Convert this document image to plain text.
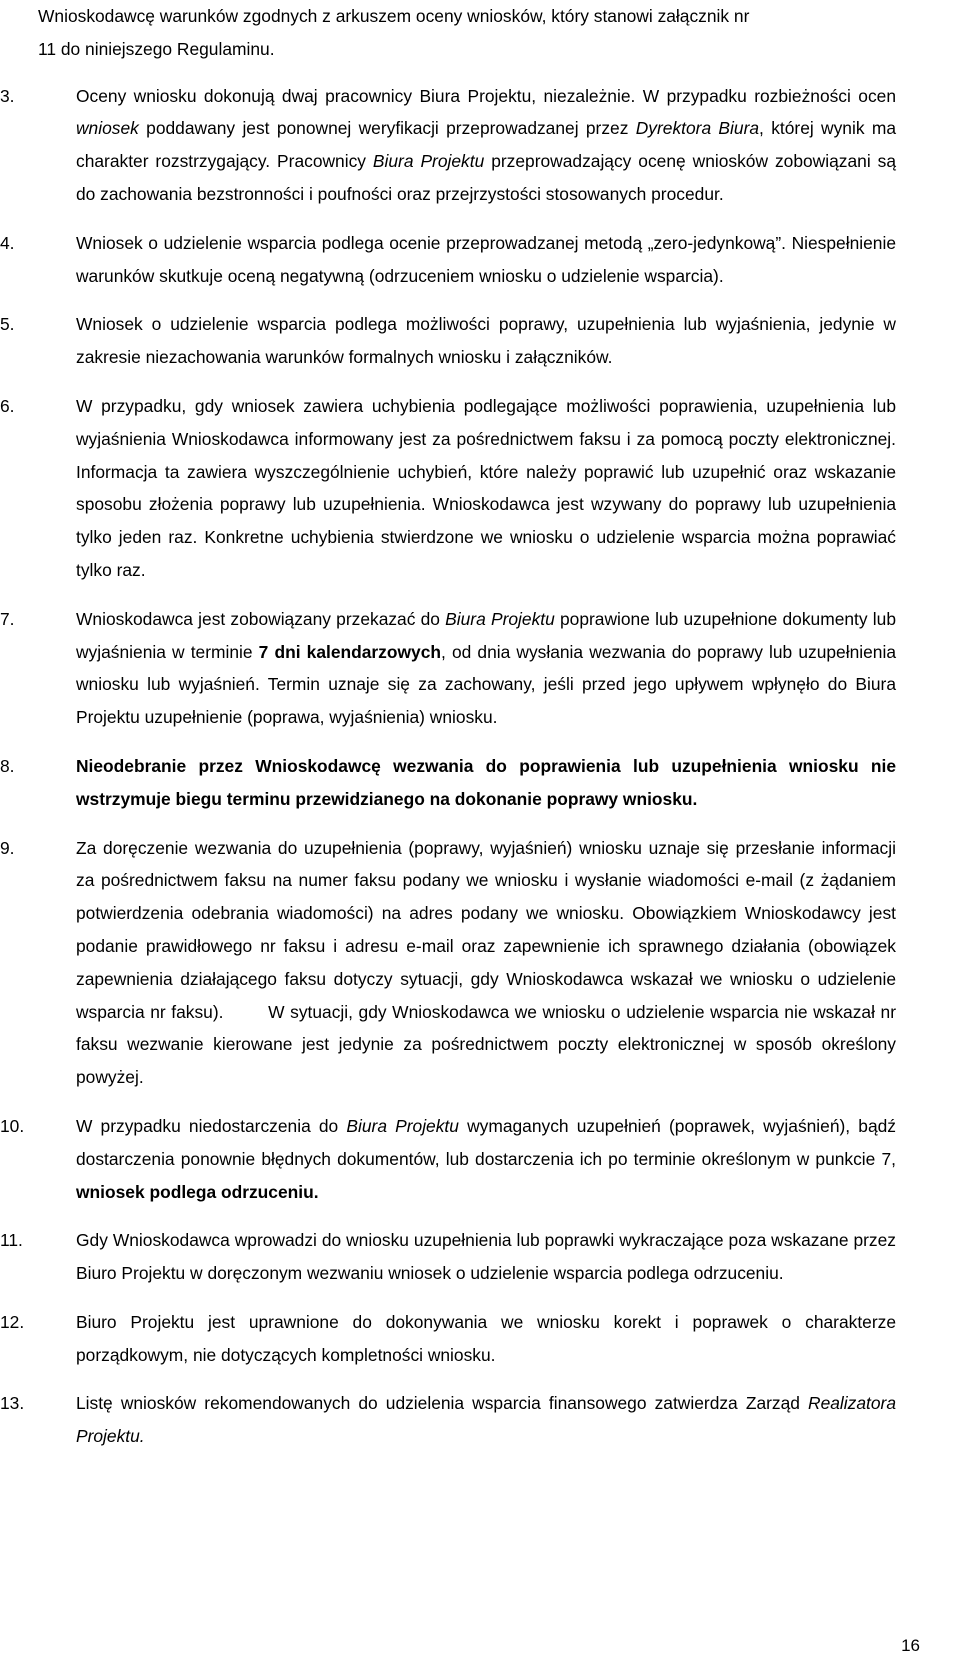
Wnioskodawcę warunków zgodnych z arkuszem oceny wniosków, który stanowi załącznik nr
11 do niniejszego Regulaminu.

3.	Oceny wniosku dokonują dwaj pracownicy Biura Projektu, niezależnie. W przypadku rozbieżności ocen wniosek poddawany jest ponownej weryfikacji przeprowadzanej przez Dyrektora Biura, której wynik ma charakter rozstrzygający. Pracownicy Biura Projektu przeprowadzający ocenę wniosków zobowiązani są do zachowania bezstronności i poufności oraz przejrzystości stosowanych procedur.
4.	Wniosek o udzielenie wsparcia podlega ocenie przeprowadzanej metodą „zero-jedynkową”. Niespełnienie warunków skutkuje oceną negatywną (odrzuceniem wniosku o udzielenie wsparcia).
5.	Wniosek o udzielenie wsparcia podlega możliwości poprawy, uzupełnienia lub wyjaśnienia, jedynie w zakresie niezachowania warunków formalnych wniosku i załączników.
6.	W przypadku, gdy wniosek zawiera uchybienia podlegające możliwości poprawienia, uzupełnienia lub wyjaśnienia Wnioskodawca informowany jest za pośrednictwem faksu i za pomocą poczty elektronicznej. Informacja ta zawiera wyszczególnienie uchybień, które należy poprawić lub uzupełnić oraz wskazanie sposobu złożenia poprawy lub uzupełnienia. Wnioskodawca jest wzywany do poprawy lub uzupełnienia tylko jeden raz. Konkretne uchybienia stwierdzone we wniosku o udzielenie wsparcia można poprawiać tylko raz.
7.	Wnioskodawca jest zobowiązany przekazać do Biura Projektu poprawione lub uzupełnione dokumenty lub wyjaśnienia w terminie 7 dni kalendarzowych, od dnia wysłania wezwania do poprawy lub uzupełnienia wniosku lub wyjaśnień. Termin uznaje się za zachowany, jeśli przed jego upływem wpłynęło do Biura Projektu uzupełnienie (poprawa, wyjaśnienia) wniosku.
8.	Nieodebranie przez Wnioskodawcę wezwania do poprawienia lub uzupełnienia wniosku nie wstrzymuje biegu terminu przewidzianego na dokonanie poprawy wniosku.
9.	Za doręczenie wezwania do uzupełnienia (poprawy, wyjaśnień) wniosku uznaje się przesłanie informacji za pośrednictwem faksu na numer faksu podany we wniosku i wysłanie wiadomości e-mail (z żądaniem potwierdzenia odebrania wiadomości) na adres podany we wniosku. Obowiązkiem Wnioskodawcy jest podanie prawidłowego nr faksu i adresu e-mail oraz zapewnienie ich sprawnego działania (obowiązek zapewnienia działającego faksu dotyczy sytuacji, gdy Wnioskodawca wskazał we wniosku o udzielenie wsparcia nr faksu).        W sytuacji, gdy Wnioskodawca we wniosku o udzielenie wsparcia nie wskazał nr faksu wezwanie kierowane jest jedynie za pośrednictwem poczty elektronicznej w sposób określony powyżej.
10.	W przypadku niedostarczenia do Biura Projektu wymaganych uzupełnień (poprawek, wyjaśnień), bądź dostarczenia ponownie błędnych dokumentów, lub dostarczenia ich po terminie określonym w punkcie 7, wniosek podlega odrzuceniu.
11.	Gdy Wnioskodawca wprowadzi do wniosku uzupełnienia lub poprawki wykraczające poza wskazane przez Biuro Projektu w doręczonym wezwaniu wniosek o udzielenie wsparcia podlega odrzuceniu.
12.	Biuro Projektu jest uprawnione do dokonywania we wniosku korekt i poprawek o charakterze porządkowym, nie dotyczących kompletności wniosku.
13.	Listę wniosków rekomendowanych do udzielenia wsparcia finansowego zatwierdza Zarząd Realizatora Projektu.
16
